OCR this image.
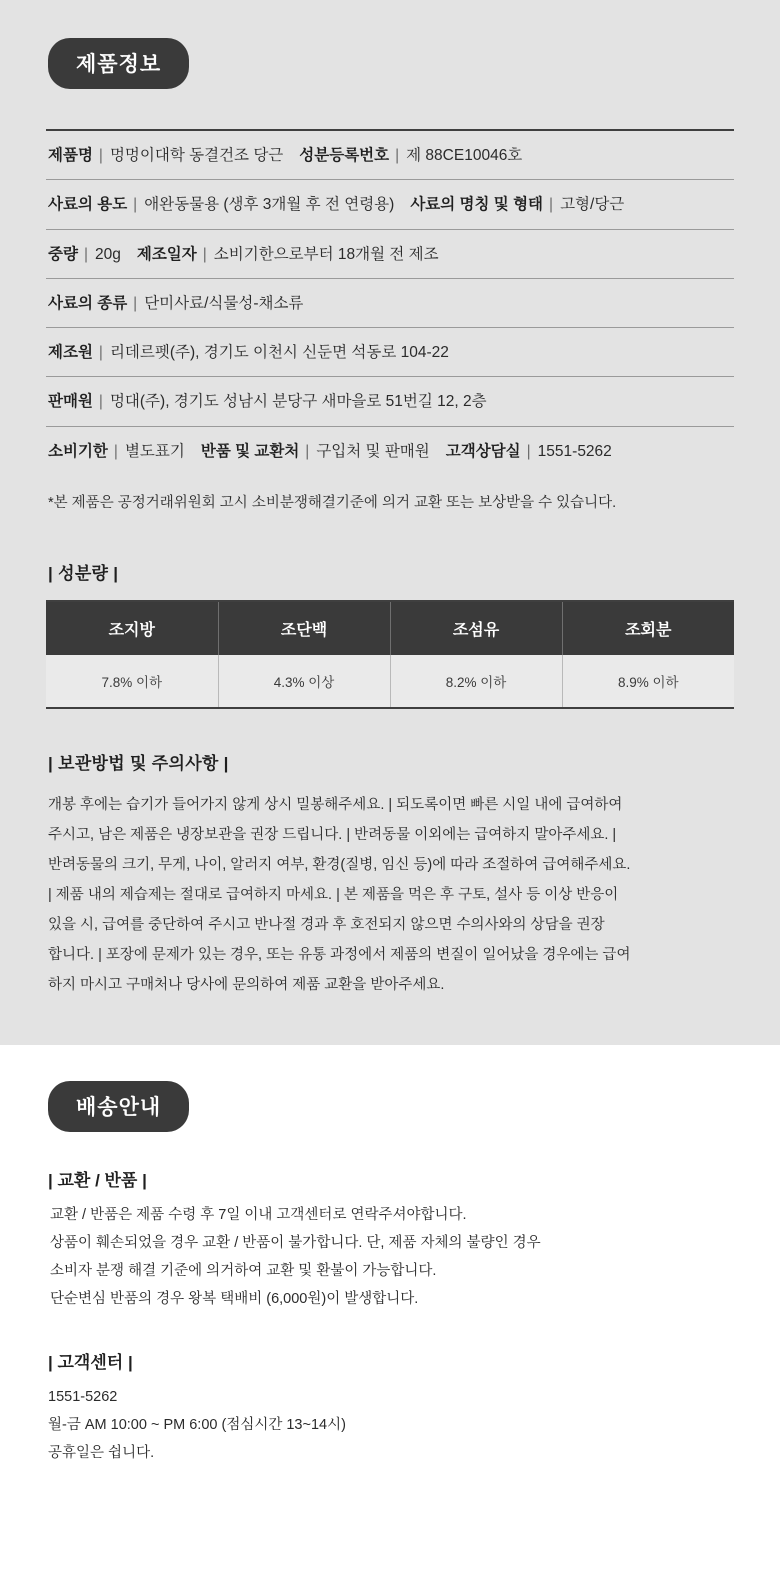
제품정보
제품명 | 멍멍이대학 동결건조 당근 성분등록번호 | 제 88CE10046호
사료의 용도 | 애완동물용 (생후 3개월 후 전 연령용) 사료의 명칭 및 형태 | 고형/당근
중량 | 20g 제조일자 | 소비기한으로부터 18개월 전 제조
사료의 종류 | 단미사료/식물성-채소류
제조원 | 리데르펫(주), 경기도 이천시 신둔면 석동로 104-22
판매원 | 멍대(주), 경기도 성남시 분당구 새마을로 51번길 12, 2층
소비기한 | 별도표기 반품 및 교환처 | 구입처 및 판매원 고객상담실 | 1551-5262
*본 제품은 공정거래위원회 고시 소비분쟁해결기준에 의거 교환 또는 보상받을 수 있습니다.
| 성분량 |
조지방	조단백	조섬유	조회분
7.8% 이하	4.3% 이상	8.2% 이하	8.9% 이하
| 보관방법 및 주의사항 |
개봉 후에는 습기가 들어가지 않게 상시 밀봉해주세요. | 되도록이면 빠른 시일 내에 급여하여
주시고, 남은 제품은 냉장보관을 권장 드립니다. | 반려동물 이외에는 급여하지 말아주세요. |
반려동물의 크기, 무게, 나이, 알러지 여부, 환경(질병, 임신 등)에 따라 조절하여 급여해주세요.
| 제품 내의 제습제는 절대로 급여하지 마세요. | 본 제품을 먹은 후 구토, 설사 등 이상 반응이
있을 시, 급여를 중단하여 주시고 반나절 경과 후 호전되지 않으면 수의사와의 상담을 권장
합니다. | 포장에 문제가 있는 경우, 또는 유통 과정에서 제품의 변질이 일어났을 경우에는 급여
하지 마시고 구매처나 당사에 문의하여 제품 교환을 받아주세요.
배송안내
| 교환 / 반품 |
교환 / 반품은 제품 수령 후 7일 이내 고객센터로 연락주셔야합니다.
상품이 훼손되었을 경우 교환 / 반품이 불가합니다. 단, 제품 자체의 불량인 경우
소비자 분쟁 해결 기준에 의거하여 교환 및 환불이 가능합니다.
단순변심 반품의 경우 왕복 택배비 (6,000원)이 발생합니다.
| 고객센터 |
1551-5262
월-금 AM 10:00 ~ PM 6:00 (점심시간 13~14시)
공휴일은 쉽니다.
